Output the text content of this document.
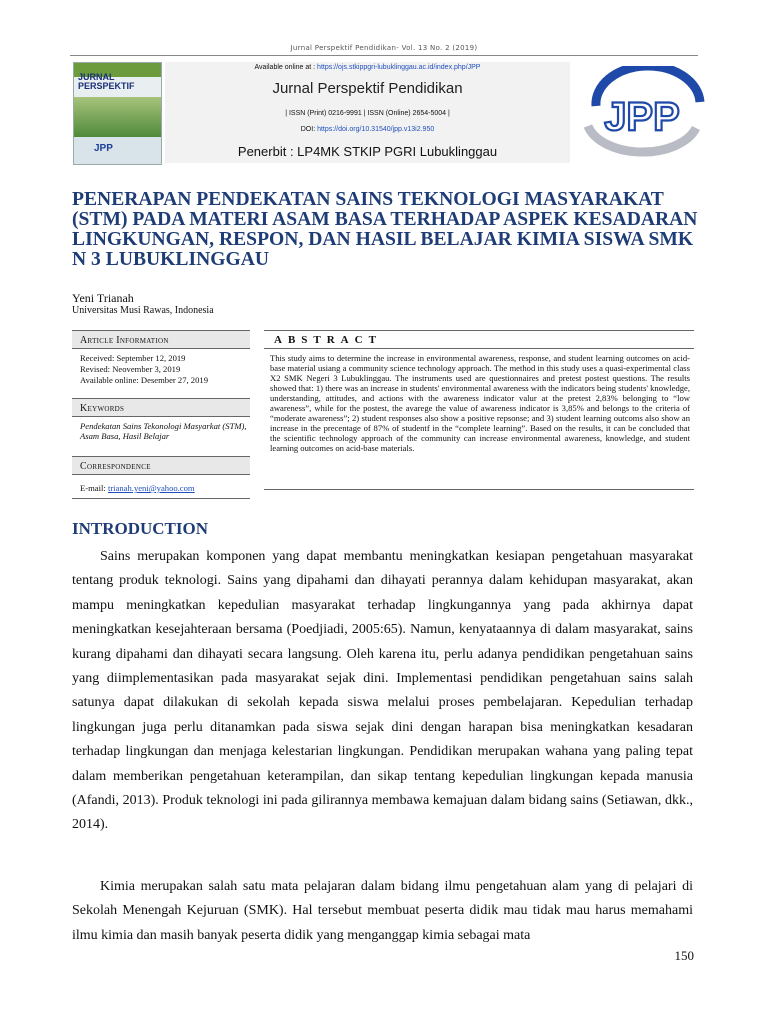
Jurnal Perspektif Pendidikan- Vol. 13 No. 2 (2019)
JURNAL PERSPEKTIF
JPP
Available online at : https://ojs.stkippgri-lubuklinggau.ac.id/index.php/JPP
Jurnal Perspektif Pendidikan
| ISSN (Print) 0216-9991 | ISSN (Online) 2654-5004 |
DOI: https://doi.org/10.31540/jpp.v13i2.950
Penerbit : LP4MK STKIP PGRI Lubuklinggau
JPP
PENERAPAN PENDEKATAN SAINS TEKNOLOGI MASYARAKAT (STM) PADA MATERI ASAM BASA TERHADAP ASPEK KESADARAN LINGKUNGAN, RESPON, DAN HASIL BELAJAR KIMIA SISWA SMK N 3 LUBUKLINGGAU
Yeni Trianah
Universitas Musi Rawas, Indonesia
Article Information
Received: September 12, 2019
Revised: Neovember 3, 2019
Available online: Desember 27, 2019
Keywords
Pendekatan Sains Tekonologi Masyarkat (STM), Asam Basa, Hasil Belajar
Correspondence
E-mail: trianah.yeni@yahoo.com
ABSTRACT
This study aims to determine the increase in environmental awareness, response, and student learning outcomes on acid-base material usiang a community science technology approach. The method in this study uses a quasi-experimental class X2 SMK Negeri 3 Lubuklinggau. The instruments used are questionnaires and pretest postest questions. The results showed that: 1) there was an increase in students' environmental awareness with the indicators being students' knowledge, understanding, attitudes, and actions with the awareness indicator valur at the pretest 2,83% belonging to “low awareness”, while for the postest, the avarege the value of awareness indicator is 3,85% and belongs to the criteria of “moderate awareness”; 2) student responses also show a positive repsonse; and 3) student learning outcoms also show an increase in the precentage of 87% of studentf in the “complete learning”. Based on the results, it can be concluded that the scientific technology approach of the community can increase environmental awareness, knowledge, and student learning outcomes on acid-base materials.
INTRODUCTION
Sains merupakan komponen yang dapat membantu meningkatkan kesiapan pengetahuan masyarakat tentang produk teknologi. Sains yang dipahami dan dihayati perannya dalam kehidupan masyarakat, akan mampu meningkatkan kepedulian masyarakat terhadap lingkungannya yang pada akhirnya dapat meningkatkan kesejahteraan bersama (Poedjiadi, 2005:65). Namun, kenyataannya di dalam masyarakat, sains kurang dipahami dan dihayati secara langsung. Oleh karena itu, perlu adanya pendidikan pengetahuan sains yang diimplementasikan pada masyarakat sejak dini. Implementasi pendidikan pengetahuan sains salah satunya dapat dilakukan di sekolah kepada siswa melalui proses pembelajaran. Kepedulian terhadap lingkungan juga perlu ditanamkan pada siswa sejak dini dengan harapan bisa meningkatkan kesadaran terhadap lingkungan dan menjaga kelestarian lingkungan. Pendidikan merupakan wahana yang paling tepat dalam memberikan pengetahuan keterampilan, dan sikap tentang kepedulian lingkungan kepada manusia (Afandi, 2013). Produk teknologi ini pada gilirannya membawa kemajuan dalam bidang sains (Setiawan, dkk., 2014).
Kimia merupakan salah satu mata pelajaran dalam bidang ilmu pengetahuan alam yang di pelajari di Sekolah Menengah Kejuruan (SMK). Hal tersebut membuat peserta didik mau tidak mau harus memahami ilmu kimia dan masih banyak peserta didik yang menganggap kimia sebagai mata
150
